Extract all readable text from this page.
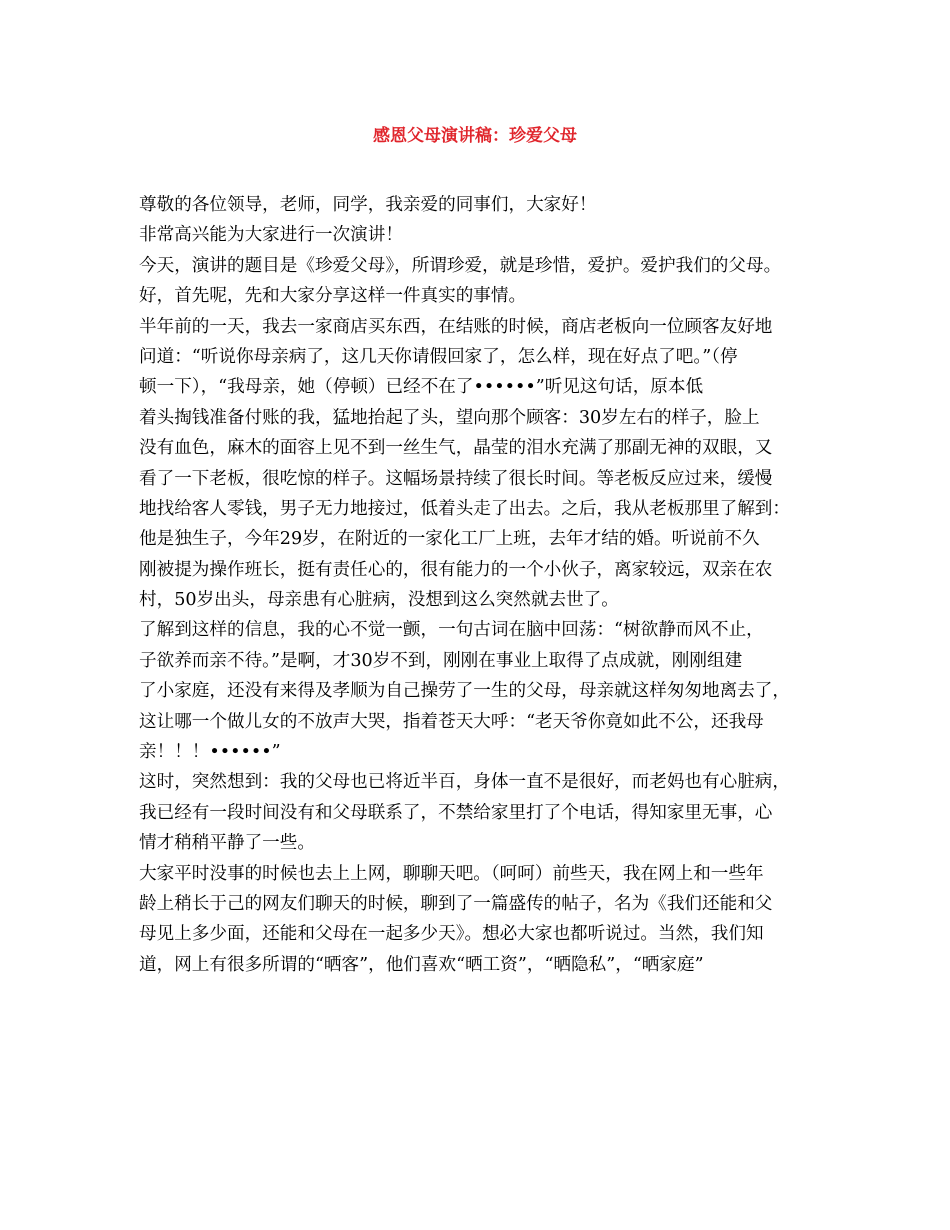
感恩父母演讲稿：珍爱父母
尊敬的各位领导，老师，同学，我亲爱的同事们，大家好！
非常高兴能为大家进行一次演讲！
今天，演讲的题目是《珍爱父母》，所谓珍爱，就是珍惜，爱护。爱护我们的父母。
好，首先呢，先和大家分享这样一件真实的事情。
半年前的一天，我去一家商店买东西，在结账的时候，商店老板向一位顾客友好地
问道：“听说你母亲病了，这几天你请假回家了，怎么样，现在好点了吧。”（停
顿一下），“我母亲，她（停顿）已经不在了••••••”听见这句话，原本低
着头掏钱准备付账的我，猛地抬起了头，望向那个顾客：30岁左右的样子，脸上
没有血色，麻木的面容上见不到一丝生气，晶莹的泪水充满了那副无神的双眼，又
看了一下老板，很吃惊的样子。这幅场景持续了很长时间。等老板反应过来，缓慢
地找给客人零钱，男子无力地接过，低着头走了出去。之后，我从老板那里了解到：
他是独生子，今年29岁，在附近的一家化工厂上班，去年才结的婚。听说前不久
刚被提为操作班长，挺有责任心的，很有能力的一个小伙子，离家较远，双亲在农
村，50岁出头，母亲患有心脏病，没想到这么突然就去世了。
了解到这样的信息，我的心不觉一颤，一句古词在脑中回荡：“树欲静而风不止，
子欲养而亲不待。”是啊，才30岁不到，刚刚在事业上取得了点成就，刚刚组建
了小家庭，还没有来得及孝顺为自己操劳了一生的父母，母亲就这样匆匆地离去了，
这让哪一个做儿女的不放声大哭，指着苍天大呼：“老天爷你竟如此不公，还我母
亲！！！••••••”
这时，突然想到：我的父母也已将近半百，身体一直不是很好，而老妈也有心脏病，
我已经有一段时间没有和父母联系了，不禁给家里打了个电话，得知家里无事，心
情才稍稍平静了一些。
大家平时没事的时候也去上上网，聊聊天吧。（呵呵）前些天，我在网上和一些年
龄上稍长于己的网友们聊天的时候，聊到了一篇盛传的帖子，名为《我们还能和父
母见上多少面，还能和父母在一起多少天》。想必大家也都听说过。当然，我们知
道，网上有很多所谓的“晒客”，他们喜欢“晒工资”，“晒隐私”，“晒家庭”
